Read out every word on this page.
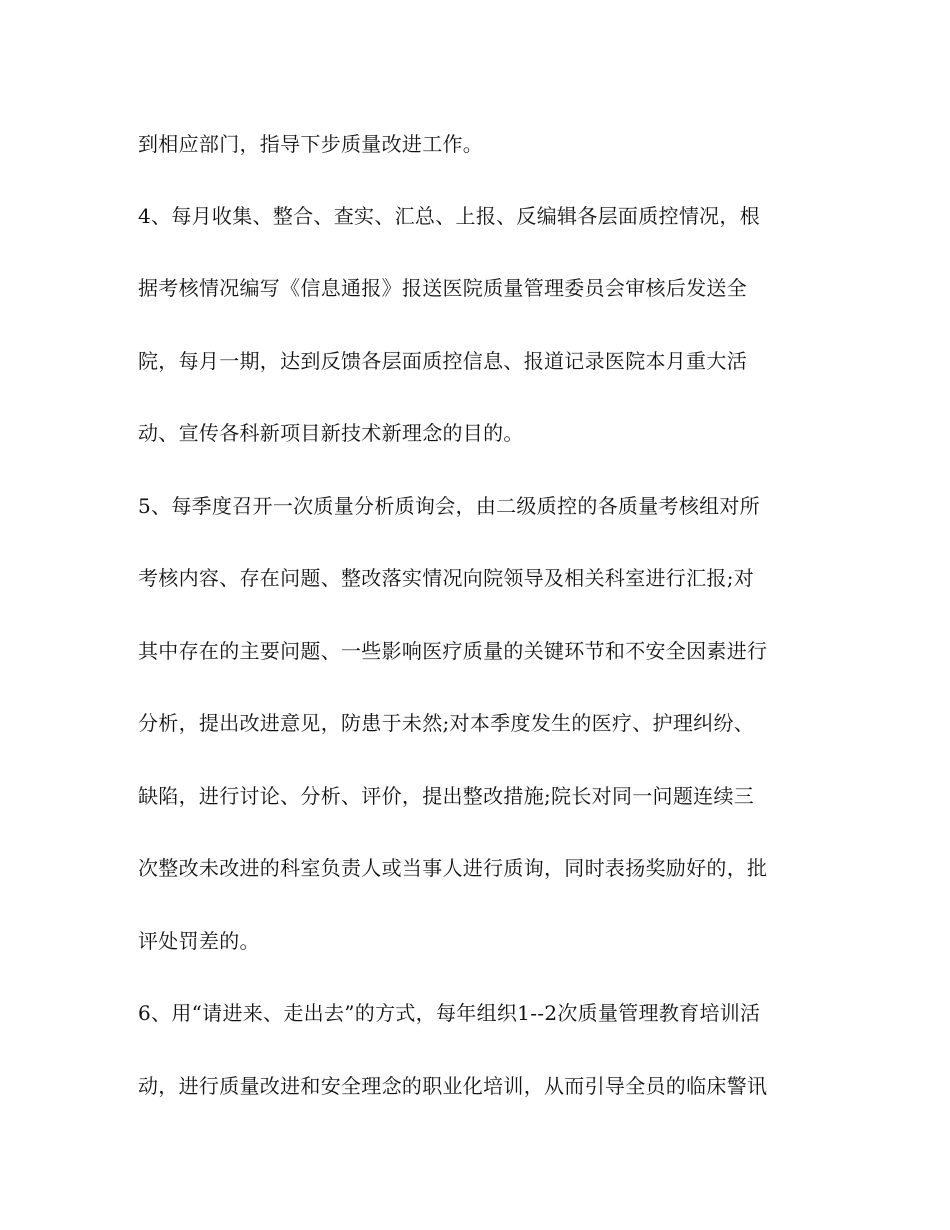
到相应部门，指导下步质量改进工作。
4、每月收集、整合、查实、汇总、上报、反编辑各层面质控情况，根
据考核情况编写《信息通报》报送医院质量管理委员会审核后发送全
院，每月一期，达到反馈各层面质控信息、报道记录医院本月重大活
动、宣传各科新项目新技术新理念的目的。
5、每季度召开一次质量分析质询会，由二级质控的各质量考核组对所
考核内容、存在问题、整改落实情况向院领导及相关科室进行汇报;对
其中存在的主要问题、一些影响医疗质量的关键环节和不安全因素进行
分析，提出改进意见，防患于未然;对本季度发生的医疗、护理纠纷、
缺陷，进行讨论、分析、评价，提出整改措施;院长对同一问题连续三
次整改未改进的科室负责人或当事人进行质询，同时表扬奖励好的，批
评处罚差的。
6、用“请进来、走出去”的方式，每年组织1--2次质量管理教育培训活
动，进行质量改进和安全理念的职业化培训，从而引导全员的临床警讯
